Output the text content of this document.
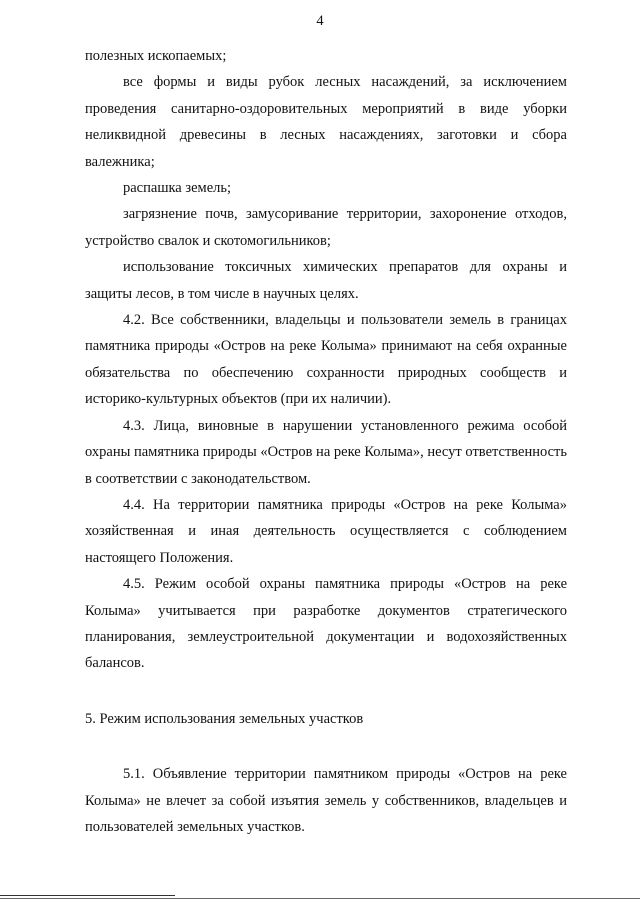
4

полезных ископаемых;

все формы и виды рубок лесных насаждений, за исключением проведения санитарно-оздоровительных мероприятий в виде уборки неликвидной древесины в лесных насаждениях, заготовки и сбора валежника;

распашка земель;

загрязнение почв, замусоривание территории, захоронение отходов, устройство свалок и скотомогильников;

использование токсичных химических препаратов для охраны и защиты лесов, в том числе в научных целях.

4.2. Все собственники, владельцы и пользователи земель в границах памятника природы «Остров на реке Колыма» принимают на себя охранные обязательства по обеспечению сохранности природных сообществ и историко-культурных объектов (при их наличии).

4.3. Лица, виновные в нарушении установленного режима особой охраны памятника природы «Остров на реке Колыма», несут ответственность в соответствии с законодательством.

4.4. На территории памятника природы «Остров на реке Колыма» хозяйственная и иная деятельность осуществляется с соблюдением настоящего Положения.

4.5. Режим особой охраны памятника природы «Остров на реке Колыма» учитывается при разработке документов стратегического планирования, землеустроительной документации и водохозяйственных балансов.

5. Режим использования земельных участков

5.1. Объявление территории памятником природы «Остров на реке Колыма» не влечет за собой изъятия земель у собственников, владельцев и пользователей земельных участков.
